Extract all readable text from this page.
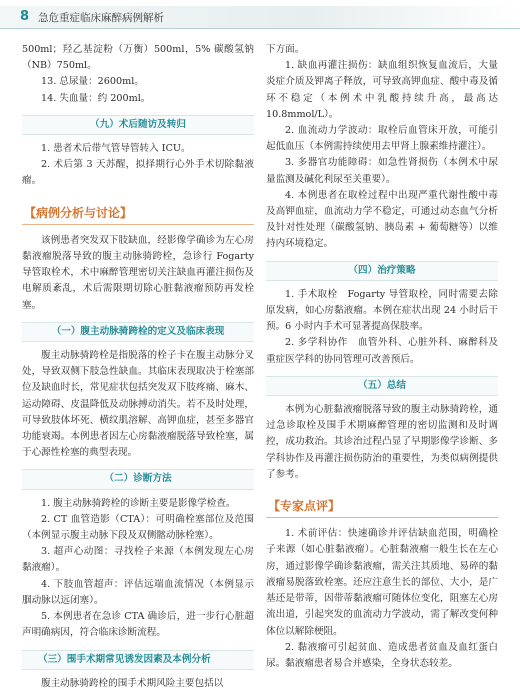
8 急危重症临床麻醉病例解析

500ml；羟乙基淀粉（万衡）500ml，5% 碳酸氢钠（NB）750ml。

13. 总尿量：2600ml。

14. 失血量：约 200ml。

（九）术后随访及转归

1. 患者术后带气管导管转入 ICU。

2. 术后第 3 天苏醒，拟择期行心外手术切除黏液瘤。

【病例分析与讨论】

该例患者突发双下肢缺血，经影像学确诊为左心房黏液瘤脱落导致的腹主动脉骑跨栓，急诊行 Fogarty 导管取栓术，术中麻醉管理密切关注缺血再灌注损伤及电解质紊乱，术后需限期切除心脏黏液瘤预防再发栓塞。

（一）腹主动脉骑跨栓的定义及临床表现

腹主动脉骑跨栓是指脱落的栓子卡在腹主动脉分叉处，导致双侧下肢急性缺血。其临床表现取决于栓塞部位及缺血时长，常见症状包括突发双下肢疼痛、麻木、运动障碍、皮温降低及动脉搏动消失。若不及时处理，可导致肢体坏死、横纹肌溶解、高钾血症，甚至多器官功能衰竭。本例患者因左心房黏液瘤脱落导致栓塞，属于心源性栓塞的典型表现。

（二）诊断方法

1. 腹主动脉骑跨栓的诊断主要是影像学检查。

2. CT 血管造影（CTA）：可明确栓塞部位及范围（本例显示腹主动脉下段及双侧髂动脉栓塞）。

3. 超声心动图：寻找栓子来源（本例发现左心房黏液瘤）。

4. 下肢血管超声：评估远端血流情况（本例显示腘动脉以远闭塞）。

5. 本例患者在急诊 CTA 确诊后，进一步行心脏超声明确病因，符合临床诊断流程。

（三）围手术期常见诱发因素及本例分析

腹主动脉骑跨栓的围手术期风险主要包括以

下方面。

1. 缺血再灌注损伤：缺血组织恢复血流后，大量炎症介质及钾离子释放，可导致高钾血症、酸中毒及循环不稳定（本例术中乳酸持续升高，最高达 10.8mmol/L）。

2. 血流动力学波动：取栓后血管床开放，可能引起低血压（本例需持续使用去甲肾上腺素维持灌注）。

3. 多器官功能障碍：如急性肾损伤（本例术中尿量监测及碱化利尿至关重要）。

4. 本例患者在取栓过程中出现严重代谢性酸中毒及高钾血症，血流动力学不稳定，可通过动态血气分析及针对性处理（碳酸氢钠、胰岛素 + 葡萄糖等）以维持内环境稳定。

（四）治疗策略

1. 手术取栓　Fogarty 导管取栓，同时需要去除原发病，如心房黏液瘤。本例在症状出现 24 小时后干预。6 小时内手术可显著提高保肢率。

2. 多学科协作　血管外科、心脏外科、麻醉科及重症医学科的协同管理可改善预后。

（五）总结

本例为心脏黏液瘤脱落导致的腹主动脉骑跨栓，通过急诊取栓及围手术期麻醉管理的密切监测和及时调控，成功救治。其诊治过程凸显了早期影像学诊断、多学科协作及再灌注损伤防治的重要性，为类似病例提供了参考。

【专家点评】

1. 术前评估：快速确诊并评估缺血范围，明确栓子来源（如心脏黏液瘤）。心脏黏液瘤一般生长在左心房，通过影像学确诊黏液瘤，需关注其质地、易碎的黏液瘤易脱落致栓塞。还应注意生长的部位、大小，是广基还是带蒂，因带蒂黏液瘤可随体位变化，阻塞左心房流出道，引起突发的血流动力学波动，需了解改变何种体位以解除梗阻。

2. 黏液瘤可引起贫血、造成患者贫血及血红蛋白尿。黏液瘤患者易合并感染，全身状态较差。
